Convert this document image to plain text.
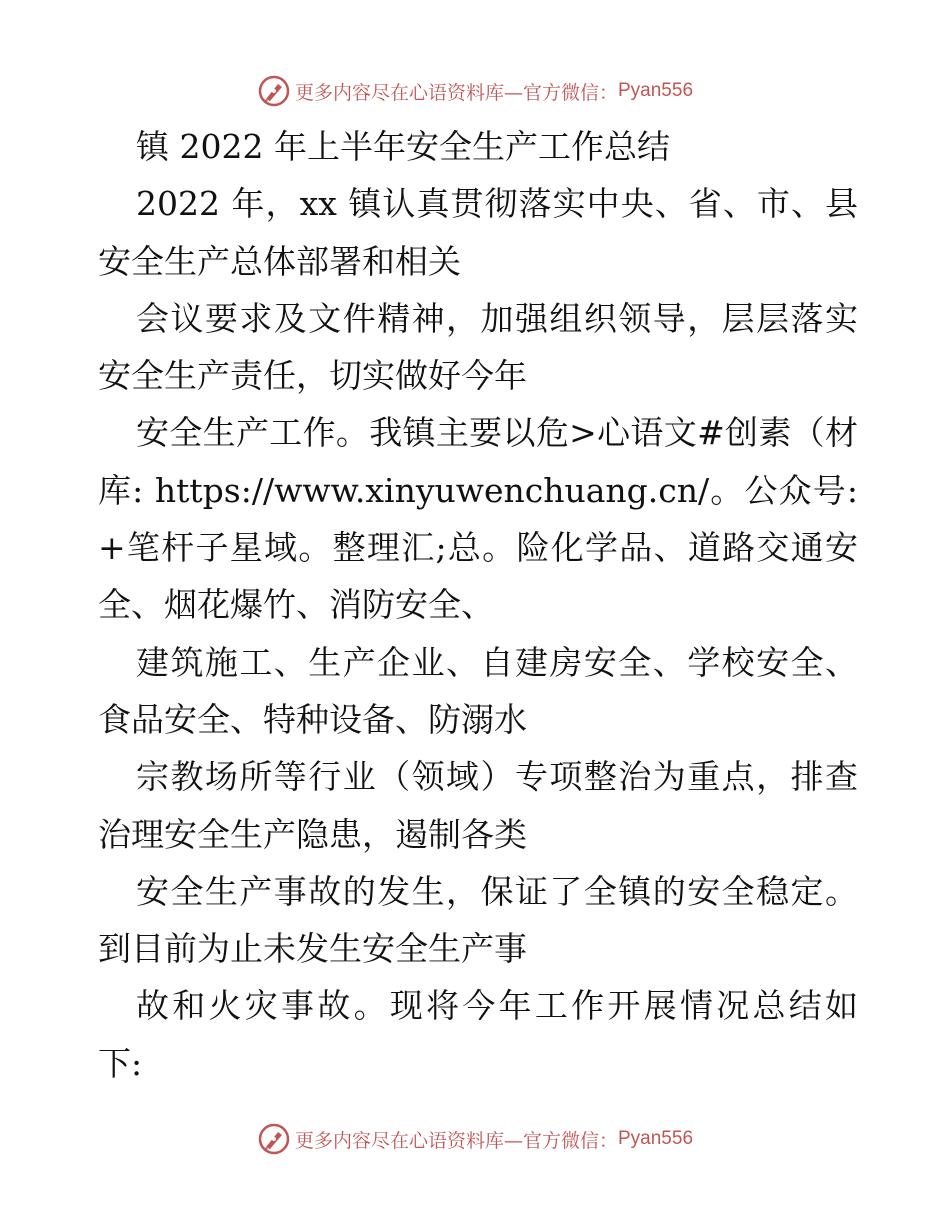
更多内容尽在心语资料库—官方微信： Pyan556
镇 2022 年上半年安全生产工作总结
2022 年，xx 镇认真贯彻落实中央、省、市、县
安全生产总体部署和相关
会议要求及文件精神，加强组织领导，层层落实
安全生产责任，切实做好今年
安全生产工作。我镇主要以危>心语文#创素（材
库: https://www.xinyuwenchuang.cn/。公众号:
+笔杆子星域。整理汇;总。险化学品、道路交通安
全、烟花爆竹、消防安全、
建筑施工、生产企业、自建房安全、学校安全、
食品安全、特种设备、防溺水
宗教场所等行业（领域）专项整治为重点，排查
治理安全生产隐患，遏制各类
安全生产事故的发生，保证了全镇的安全稳定。
到目前为止未发生安全生产事
故和火灾事故。现将今年工作开展情况总结如
下:
更多内容尽在心语资料库—官方微信： Pyan556
